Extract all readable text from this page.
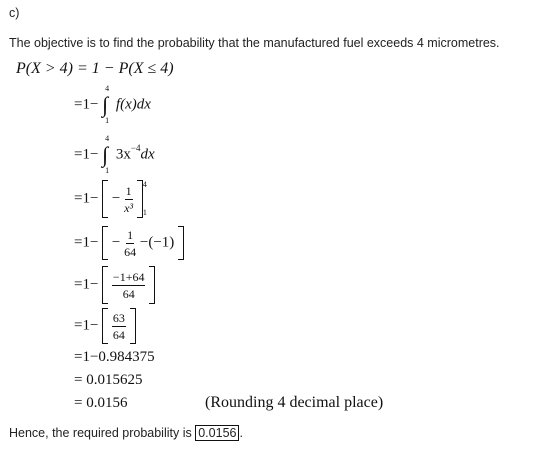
c)
The objective is to find the probability that the manufactured fuel exceeds 4 micrometres.
P(X > 4) = 1 − P(X ≤ 4)
=1− ∫
4
1
f(x)dx
=1− ∫
4
1
$3x^{-4}dx$
$=1- - \frac{1}{\text{x³}}$
4
1
$=1- - \frac{1}{64} -(-1)$
$=1- \frac{-1+64}{64}$

$=1- \frac{63}{64}$

=1−0.984375
= 0.015625
= 0.0156	(Rounding 4 decimal place)
Hence, the required probability is 0.0156 .
